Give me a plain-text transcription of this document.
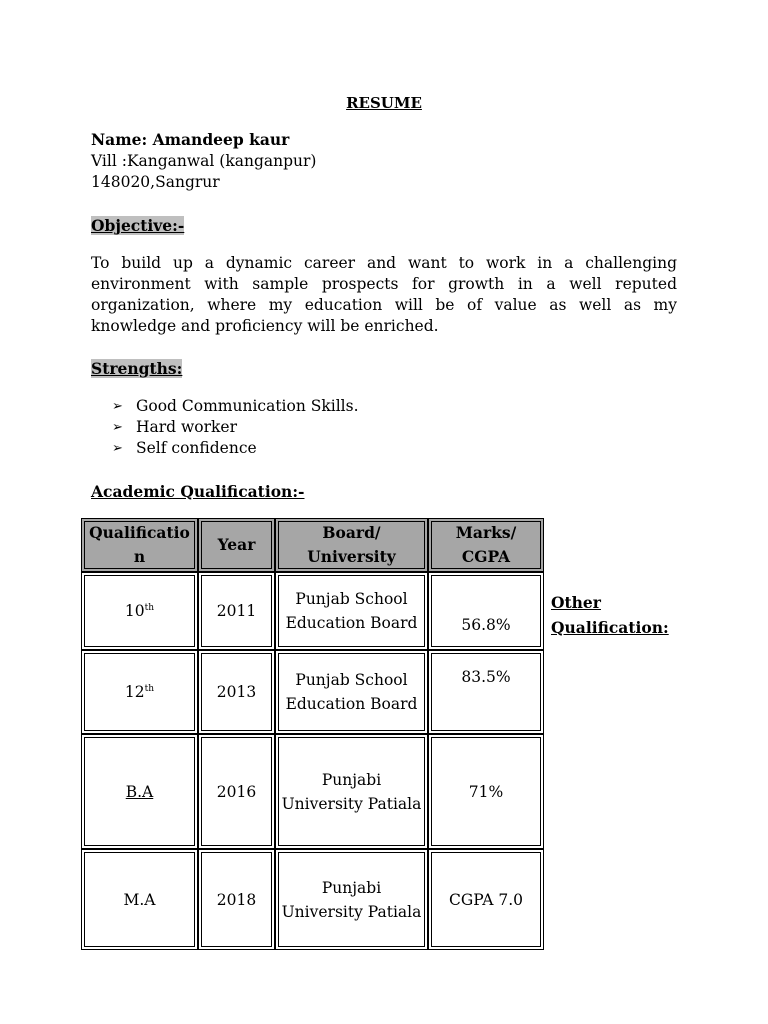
RESUME
Name: Amandeep kaur
Vill :Kanganwal (kanganpur)
148020,Sangrur
Objective:-
To build up a dynamic career and want to work in a challenging environment with sample prospects for growth in a well reputed organization, where my education will be of value as well as my knowledge and proficiency will be enriched.
Strengths:
➢ Good Communication Skills.
➢ Hard worker
➢ Self confidence
Academic Qualification:-
Qualificatio n	Year	Board/ University	Marks/ CGPA
10th	2011	Punjab School Education Board	56.8%
12th	2013	Punjab School Education Board	83.5%
B.A	2016	Punjabi University Patiala	71%
M.A	2018	Punjabi University Patiala	CGPA 7.0
Other Qualification:
